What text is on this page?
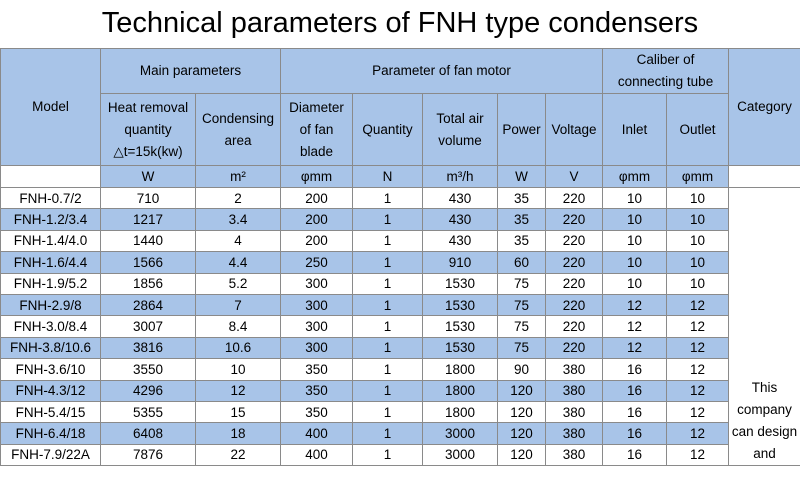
Technical parameters of FNH type condensers
Model	Main parameters		Parameter of fan motor					Caliber of connecting tube		Category
	Heat removal quantity △t=15k(kw)	Condensing area	Diameter of fan blade	Quantity	Total air volume	Power	Voltage	Inlet	Outlet	
	W	m²	φmm	N	m³/h	W	V	φmm	φmm	
FNH-0.7/2	710	2	200	1	430	35	220	10	10	This company can design and
FNH-1.2/3.4	1217	3.4	200	1	430	35	220	10	10	
FNH-1.4/4.0	1440	4	200	1	430	35	220	10	10	
FNH-1.6/4.4	1566	4.4	250	1	910	60	220	10	10	
FNH-1.9/5.2	1856	5.2	300	1	1530	75	220	10	10	
FNH-2.9/8	2864	7	300	1	1530	75	220	12	12	
FNH-3.0/8.4	3007	8.4	300	1	1530	75	220	12	12	
FNH-3.8/10.6	3816	10.6	300	1	1530	75	220	12	12	
FNH-3.6/10	3550	10	350	1	1800	90	380	16	12	
FNH-4.3/12	4296	12	350	1	1800	120	380	16	12	
FNH-5.4/15	5355	15	350	1	1800	120	380	16	12	
FNH-6.4/18	6408	18	400	1	3000	120	380	16	12	
FNH-7.9/22A	7876	22	400	1	3000	120	380	16	12	
